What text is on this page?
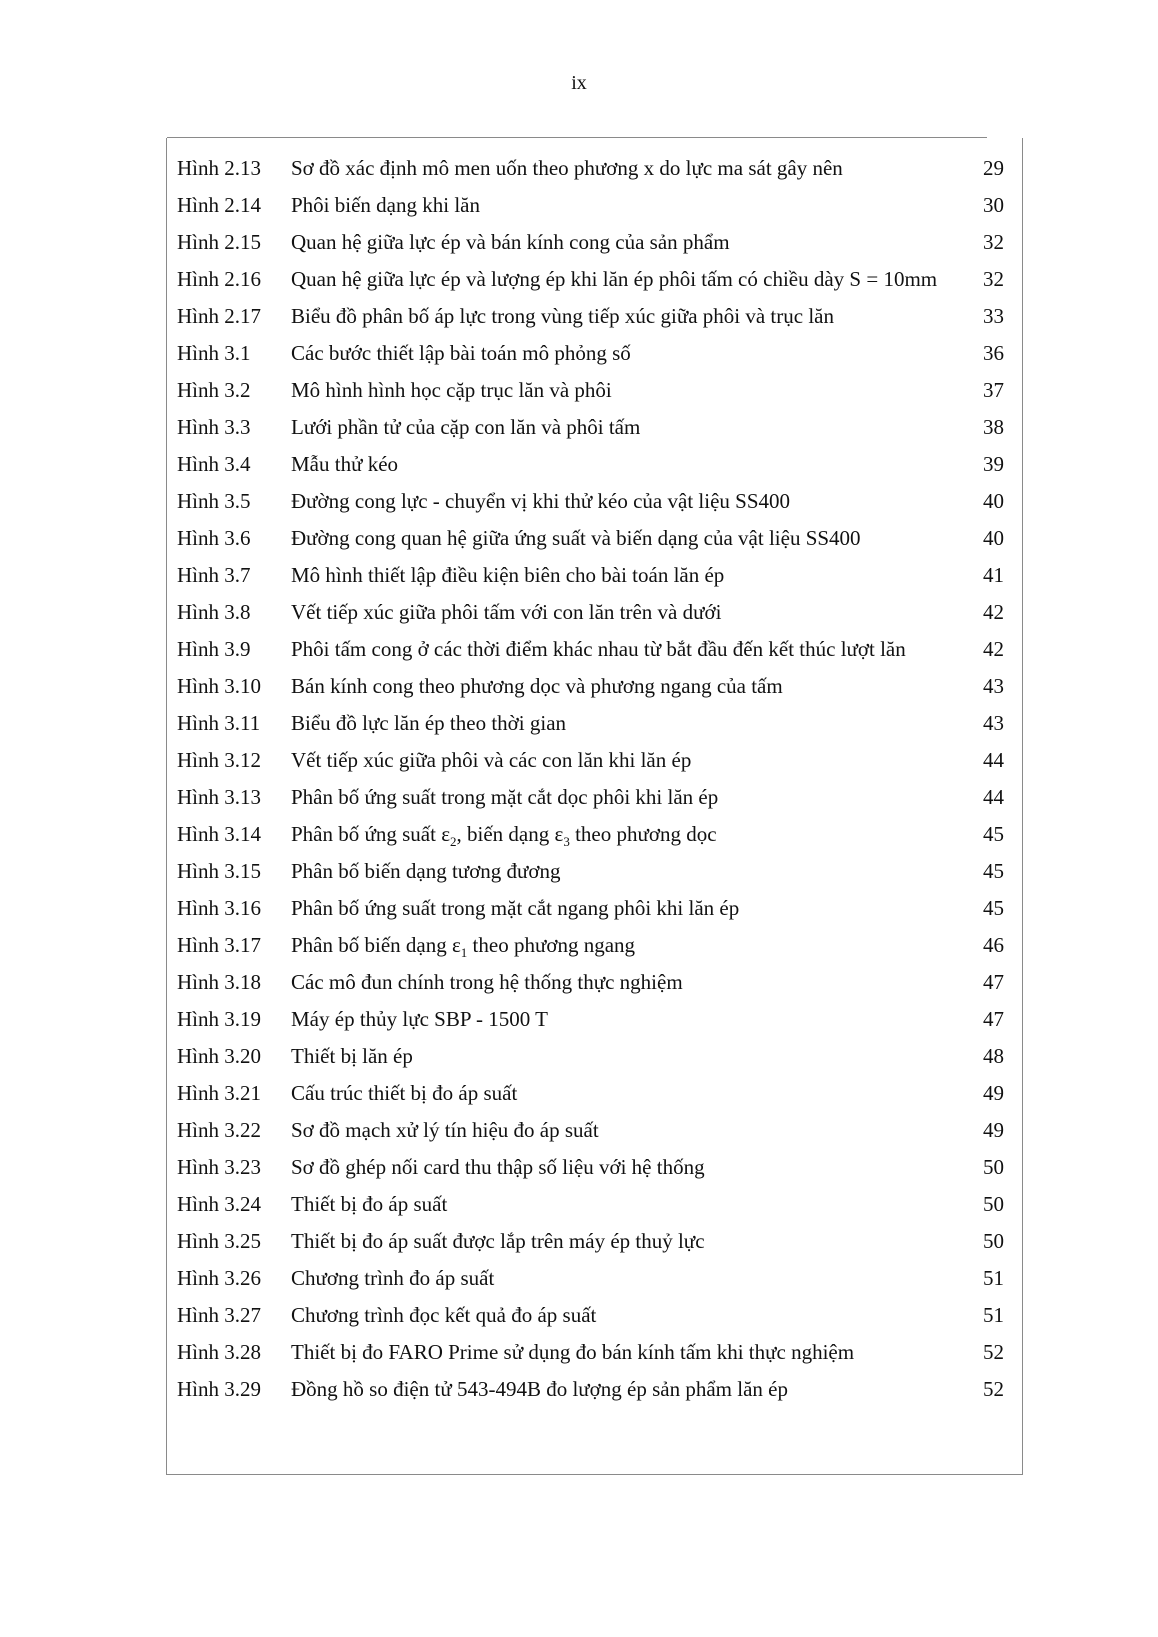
ix
Hình 2.13 Sơ đồ xác định mô men uốn theo phương x do lực ma sát gây nên	29
Hình 2.14 Phôi biến dạng khi lăn	30
Hình 2.15 Quan hệ giữa lực ép và bán kính cong của sản phẩm	32
Hình 2.16 Quan hệ giữa lực ép và lượng ép khi lăn ép phôi tấm có chiều dày S = 10mm	32
Hình 2.17 Biểu đồ phân bố áp lực trong vùng tiếp xúc giữa phôi và trục lăn	33
Hình 3.1 Các bước thiết lập bài toán mô phỏng số	36
Hình 3.2 Mô hình hình học cặp trục lăn và phôi	37
Hình 3.3 Lưới phần tử của cặp con lăn và phôi tấm	38
Hình 3.4 Mẫu thử kéo	39
Hình 3.5 Đường cong lực - chuyển vị khi thử kéo của vật liệu SS400	40
Hình 3.6 Đường cong quan hệ giữa ứng suất và biến dạng của vật liệu SS400	40
Hình 3.7 Mô hình thiết lập điều kiện biên cho bài toán lăn ép	41
Hình 3.8 Vết tiếp xúc giữa phôi tấm với con lăn trên và dưới	42
Hình 3.9 Phôi tấm cong ở các thời điểm khác nhau từ bắt đầu đến kết thúc lượt lăn	42
Hình 3.10 Bán kính cong theo phương dọc và phương ngang của tấm	43
Hình 3.11 Biểu đồ lực lăn ép theo thời gian	43
Hình 3.12 Vết tiếp xúc giữa phôi và các con lăn khi lăn ép	44
Hình 3.13 Phân bố ứng suất trong mặt cắt dọc phôi khi lăn ép	44
Hình 3.14 Phân bố ứng suất $\varepsilon_2$, biến dạng $\varepsilon_3$ theo phương dọc	45
Hình 3.15 Phân bố biến dạng tương đương	45
Hình 3.16 Phân bố ứng suất trong mặt cắt ngang phôi khi lăn ép	45
Hình 3.17 Phân bố biến dạng $\varepsilon_1$ theo phương ngang	46
Hình 3.18 Các mô đun chính trong hệ thống thực nghiệm	47
Hình 3.19 Máy ép thủy lực SBP - 1500 T	47
Hình 3.20 Thiết bị lăn ép	48
Hình 3.21 Cấu trúc thiết bị đo áp suất	49
Hình 3.22 Sơ đồ mạch xử lý tín hiệu đo áp suất	49
Hình 3.23 Sơ đồ ghép nối card thu thập số liệu với hệ thống	50
Hình 3.24 Thiết bị đo áp suất	50
Hình 3.25 Thiết bị đo áp suất được lắp trên máy ép thuỷ lực	50
Hình 3.26 Chương trình đo áp suất	51
Hình 3.27 Chương trình đọc kết quả đo áp suất	51
Hình 3.28 Thiết bị đo FARO Prime sử dụng đo bán kính tấm khi thực nghiệm	52
Hình 3.29 Đồng hồ so điện tử 543-494B đo lượng ép sản phẩm lăn ép	52
